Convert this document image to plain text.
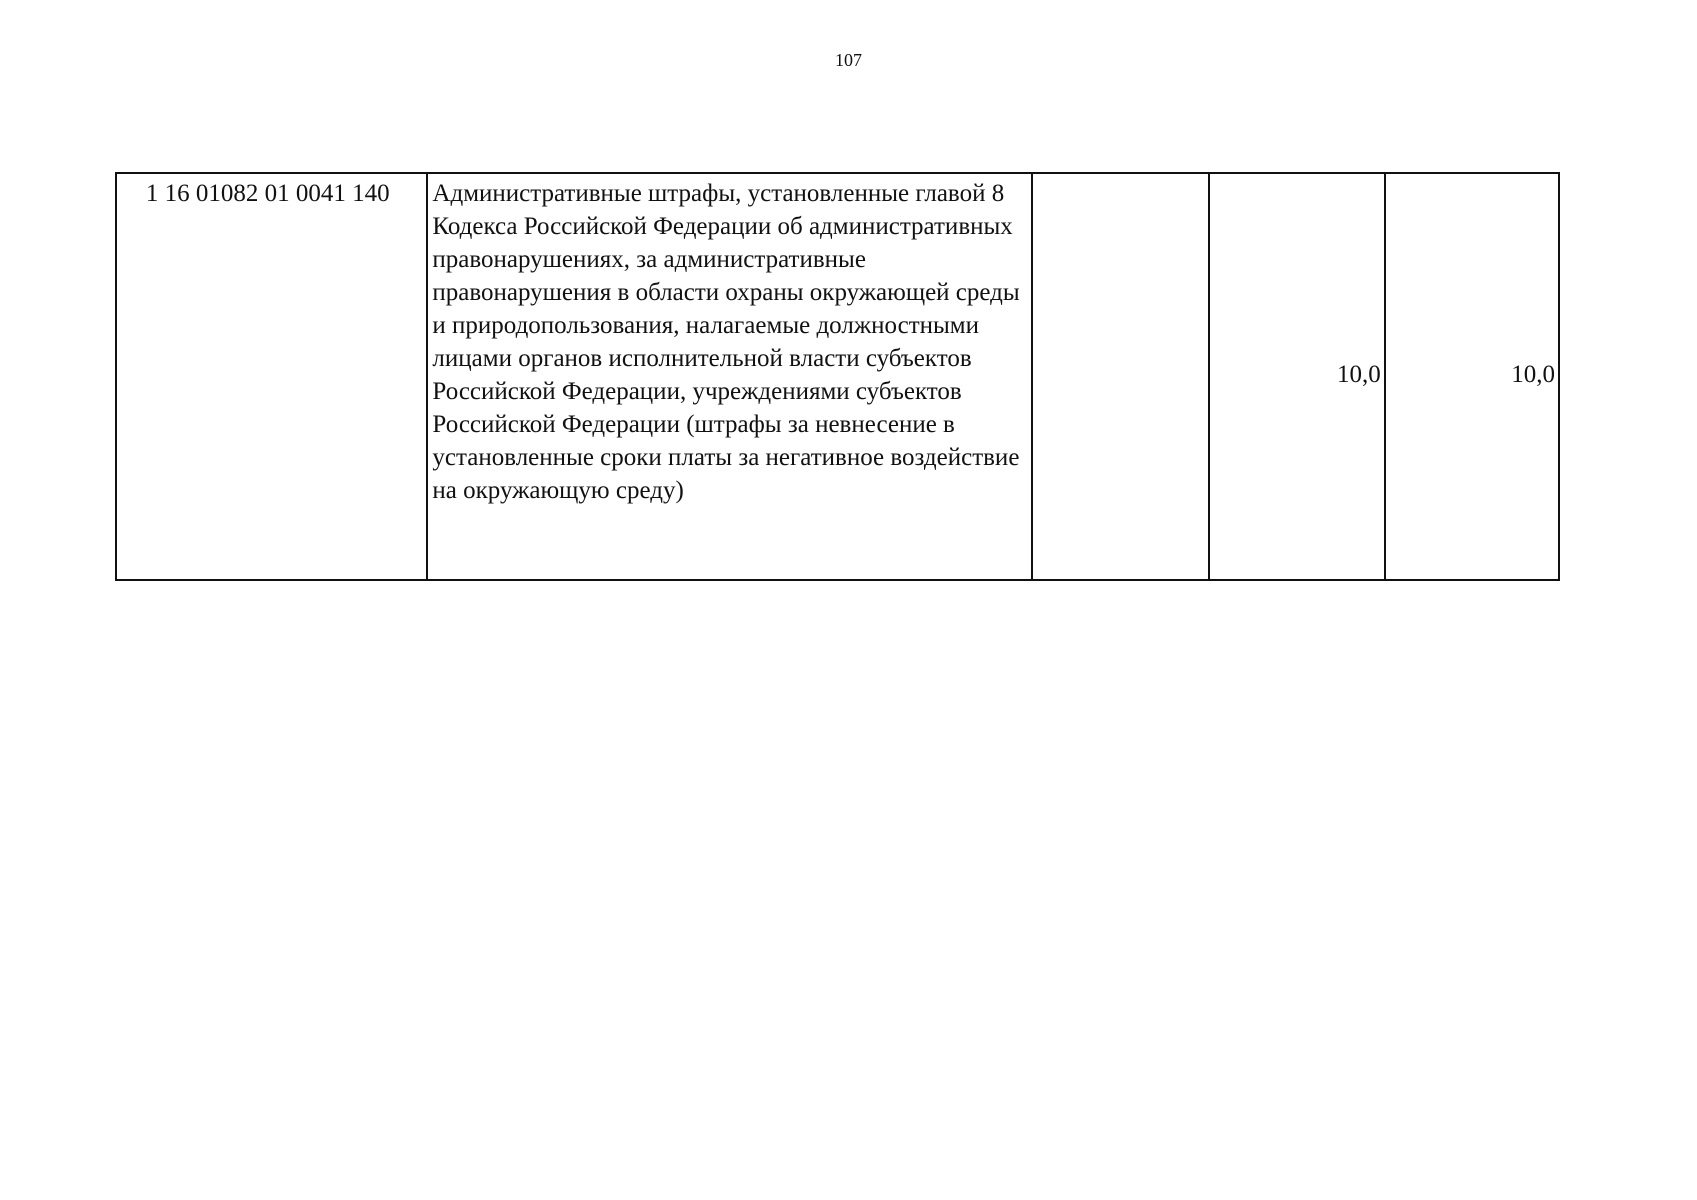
107
1 16 01082 01 0041 140	Административные штрафы, установленные главой 8 Кодекса Российской Федерации об административных правонарушениях, за административные правонарушения в области охраны окружающей среды и природопользования, налагаемые должностными лицами органов исполнительной власти субъектов Российской Федерации, учреждениями субъектов Российской Федерации (штрафы за невнесение в установленные сроки платы за негативное воздействие на окружающую среду)		10,0	10,0
